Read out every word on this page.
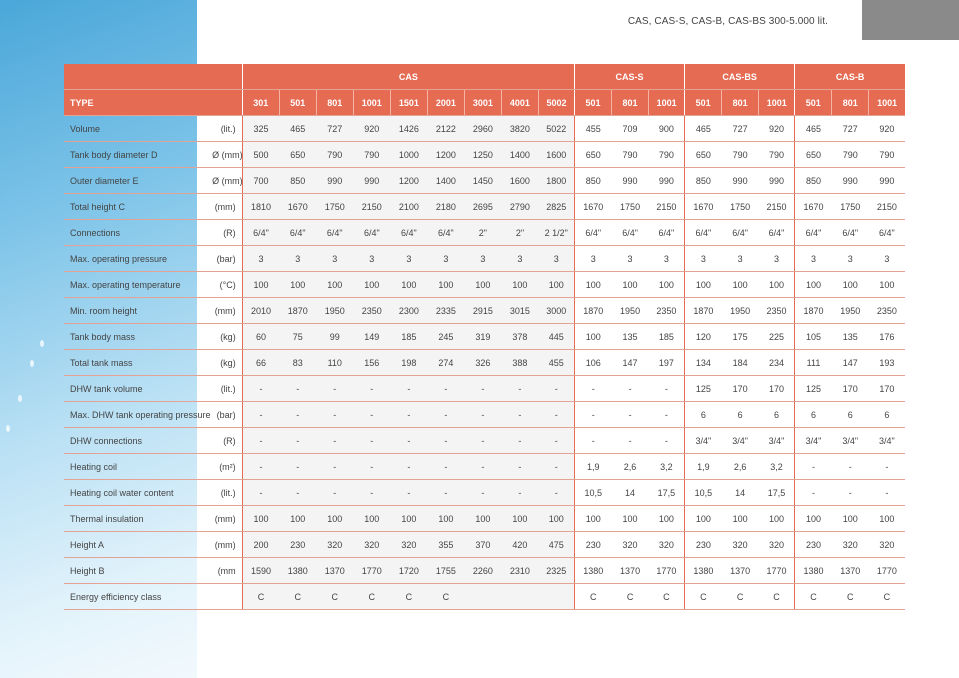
CAS, CAS-S, CAS-B, CAS-BS 300-5.000 lit.
		CAS									CAS-S			CAS-BS			CAS-B		
TYPE		301	501	801	1001	1501	2001	3001	4001	5002	501	801	1001	501	801	1001	501	801	1001
Volume	(lit.)	325	465	727	920	1426	2122	2960	3820	5022	455	709	900	465	727	920	465	727	920
Tank body diameter D	Ø (mm)	500	650	790	790	1000	1200	1250	1400	1600	650	790	790	650	790	790	650	790	790
Outer diameter E	Ø (mm)	700	850	990	990	1200	1400	1450	1600	1800	850	990	990	850	990	990	850	990	990
Total height C	(mm)	1810	1670	1750	2150	2100	2180	2695	2790	2825	1670	1750	2150	1670	1750	2150	1670	1750	2150
Connections	(R)	6/4"	6/4"	6/4"	6/4"	6/4"	6/4"	2"	2"	2 1/2"	6/4"	6/4"	6/4"	6/4"	6/4"	6/4"	6/4"	6/4"	6/4"
Max. operating pressure	(bar)	3	3	3	3	3	3	3	3	3	3	3	3	3	3	3	3	3	3
Max. operating temperature	(°C)	100	100	100	100	100	100	100	100	100	100	100	100	100	100	100	100	100	100
Min. room height	(mm)	2010	1870	1950	2350	2300	2335	2915	3015	3000	1870	1950	2350	1870	1950	2350	1870	1950	2350
Tank body mass	(kg)	60	75	99	149	185	245	319	378	445	100	135	185	120	175	225	105	135	176
Total tank mass	(kg)	66	83	110	156	198	274	326	388	455	106	147	197	134	184	234	111	147	193
DHW tank volume	(lit.)	-	-	-	-	-	-	-	-	-	-	-	-	125	170	170	125	170	170
Max. DHW tank operating pressure	(bar)	-	-	-	-	-	-	-	-	-	-	-	-	6	6	6	6	6	6
DHW connections	(R)	-	-	-	-	-	-	-	-	-	-	-	-	3/4"	3/4"	3/4"	3/4"	3/4"	3/4"
Heating coil	(m²)	-	-	-	-	-	-	-	-	-	1,9	2,6	3,2	1,9	2,6	3,2	-	-	-
Heating coil water content	(lit.)	-	-	-	-	-	-	-	-	-	10,5	14	17,5	10,5	14	17,5	-	-	-
Thermal insulation	(mm)	100	100	100	100	100	100	100	100	100	100	100	100	100	100	100	100	100	100
Height A	(mm)	200	230	320	320	320	355	370	420	475	230	320	320	230	320	320	230	320	320
Height B	(mm	1590	1380	1370	1770	1720	1755	2260	2310	2325	1380	1370	1770	1380	1370	1770	1380	1370	1770
Energy efficiency class		C	C	C	C	C	C				C	C	C	C	C	C	C	C	C
